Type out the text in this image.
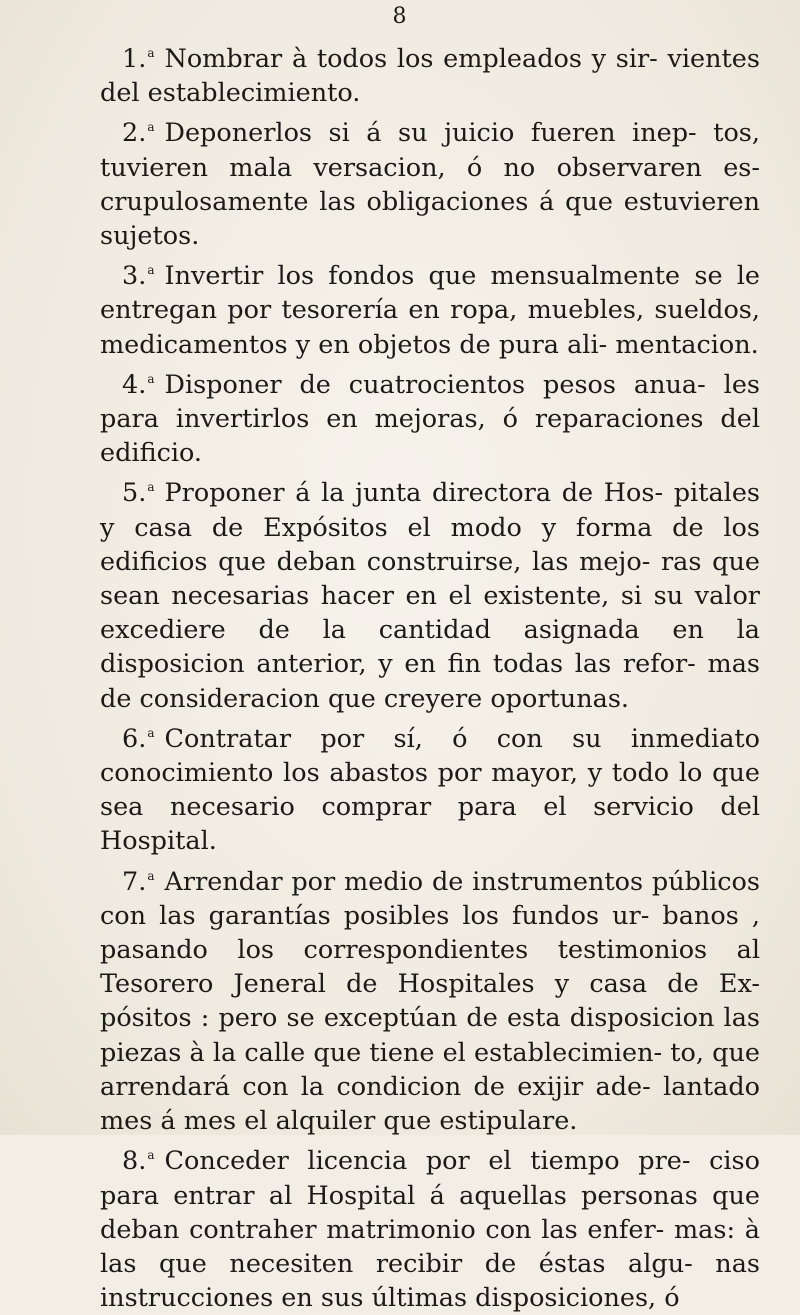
8

1.$^a$ Nombrar à todos los empleados y sir- vientes del establecimiento.

2.$^a$ Deponerlos si á su juicio fueren inep- tos, tuvieren mala versacion, ó no observaren es- crupulosamente las obligaciones á que estuvieren sujetos.

3.$^a$ Invertir los fondos que mensualmente se le entregan por tesorería en ropa, muebles, sueldos, medicamentos y en objetos de pura ali- mentacion.

4.$^a$ Disponer de cuatrocientos pesos anua- les para invertirlos en mejoras, ó reparaciones del edificio.

5.$^a$ Proponer á la junta directora de Hos- pitales y casa de Expósitos el modo y forma de los edificios que deban construirse, las mejo- ras que sean necesarias hacer en el existente, si su valor excediere de la cantidad asignada en la disposicion anterior, y en fin todas las refor- mas de consideracion que creyere oportunas.

6.$^a$ Contratar por sí, ó con su inmediato conocimiento los abastos por mayor, y todo lo que sea necesario comprar para el servicio del Hospital.

7.$^a$ Arrendar por medio de instrumentos públicos con las garantías posibles los fundos ur- banos , pasando los correspondientes testimonios al Tesorero Jeneral de Hospitales y casa de Ex- pósitos : pero se exceptúan de esta disposicion las piezas à la calle que tiene el establecimien- to, que arrendará con la condicion de exijir ade- lantado mes á mes el alquiler que estipulare.

8.$^a$ Conceder licencia por el tiempo pre- ciso para entrar al Hospital á aquellas personas que deban contraher matrimonio con las enfer- mas: à las que necesiten recibir de éstas algu- nas instrucciones en sus últimas disposiciones, ó
